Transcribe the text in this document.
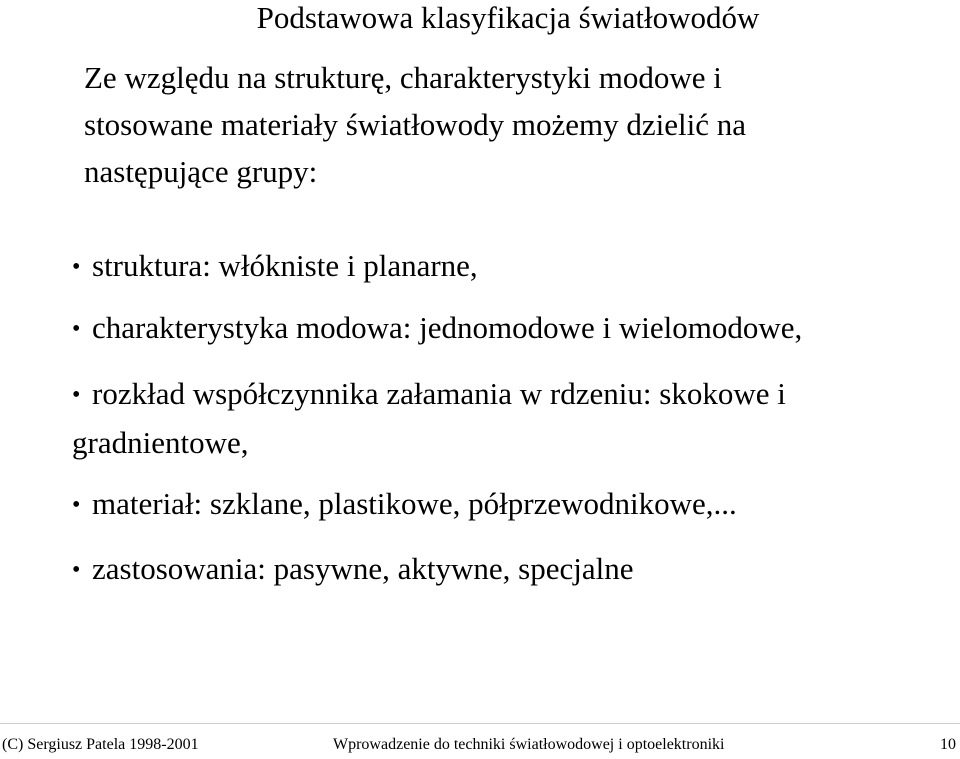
Podstawowa klasyfikacja światłowodów
Ze względu na strukturę, charakterystyki modowe i
stosowane materiały światłowody możemy dzielić na
następujące grupy:
• struktura: włókniste i planarne,
• charakterystyka modowa: jednomodowe i wielomodowe,
• rozkład współczynnika załamania w rdzeniu: skokowe i
gradnientowe,
• materiał: szklane, plastikowe, półprzewodnikowe,...
• zastosowania: pasywne, aktywne, specjalne
(C) Sergiusz Patela 1998-2001	Wprowadzenie do techniki światłowodowej i optoelektroniki	10
